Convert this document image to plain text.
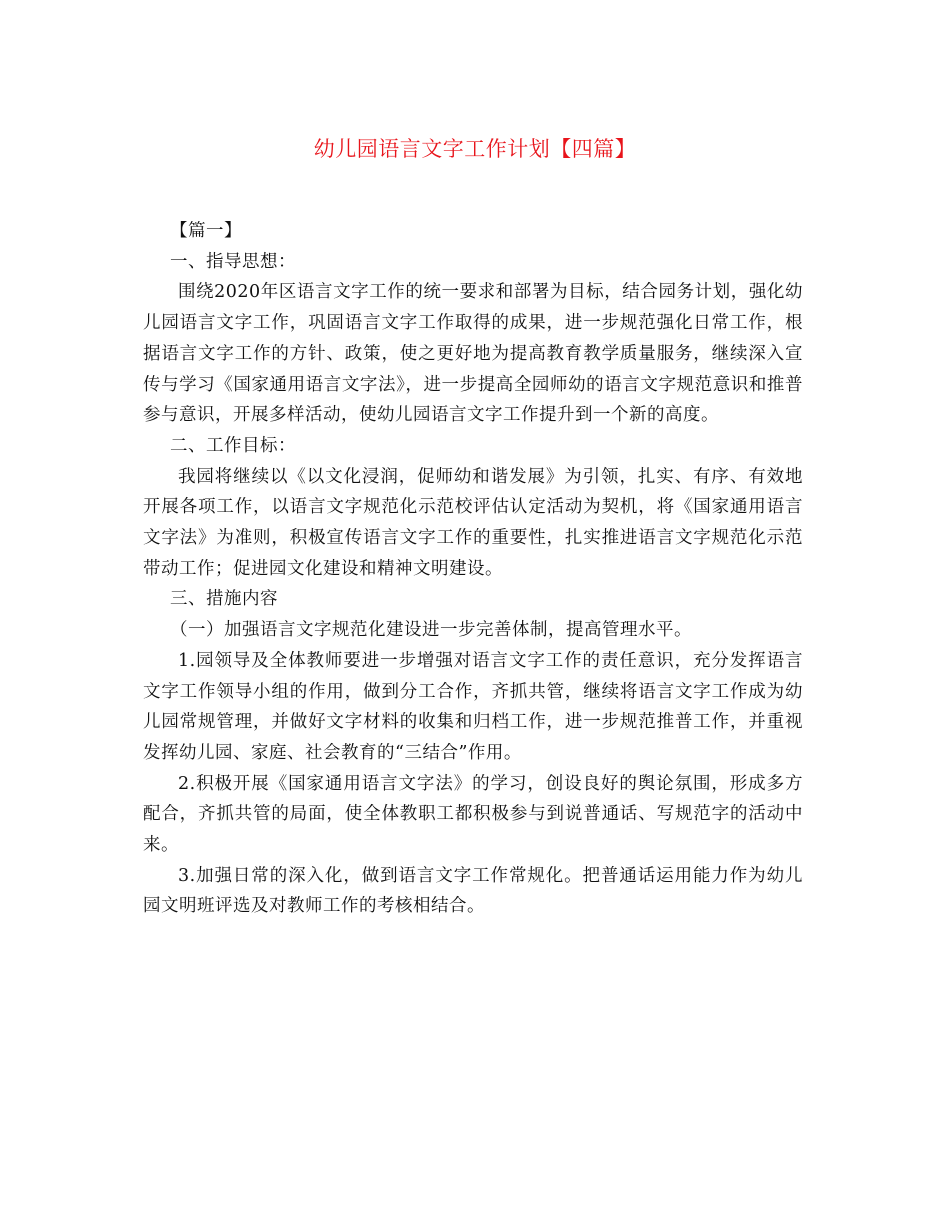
幼儿园语言文字工作计划【四篇】

【篇一】

一、指导思想：

围绕2020年区语言文字工作的统一要求和部署为目标，结合园务计划，强化幼儿园语言文字工作，巩固语言文字工作取得的成果，进一步规范强化日常工作，根据语言文字工作的方针、政策，使之更好地为提高教育教学质量服务，继续深入宣传与学习《国家通用语言文字法》，进一步提高全园师幼的语言文字规范意识和推普参与意识，开展多样活动，使幼儿园语言文字工作提升到一个新的高度。

二、工作目标：

我园将继续以《以文化浸润，促师幼和谐发展》为引领，扎实、有序、有效地开展各项工作，以语言文字规范化示范校评估认定活动为契机，将《国家通用语言文字法》为准则，积极宣传语言文字工作的重要性，扎实推进语言文字规范化示范带动工作；促进园文化建设和精神文明建设。

三、措施内容

（一）加强语言文字规范化建设进一步完善体制，提高管理水平。

1.园领导及全体教师要进一步增强对语言文字工作的责任意识，充分发挥语言文字工作领导小组的作用，做到分工合作，齐抓共管，继续将语言文字工作成为幼儿园常规管理，并做好文字材料的收集和归档工作，进一步规范推普工作，并重视发挥幼儿园、家庭、社会教育的“三结合”作用。

2.积极开展《国家通用语言文字法》的学习，创设良好的舆论氛围，形成多方配合，齐抓共管的局面，使全体教职工都积极参与到说普通话、写规范字的活动中来。

3.加强日常的深入化，做到语言文字工作常规化。把普通话运用能力作为幼儿园文明班评选及对教师工作的考核相结合。
